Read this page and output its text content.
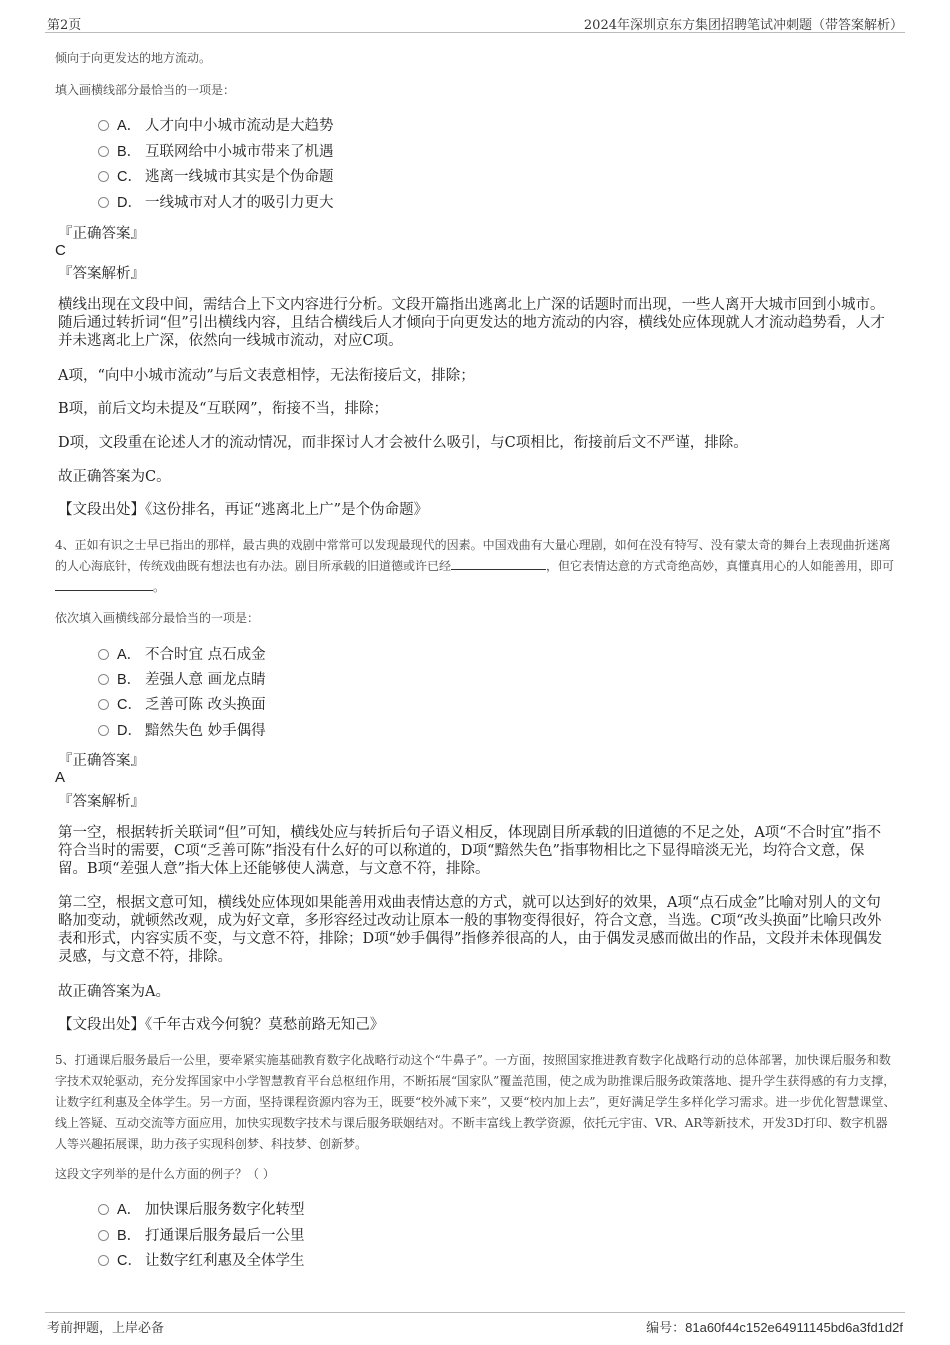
第2页	2024年深圳京东方集团招聘笔试冲刺题（带答案解析）
倾向于向更发达的地方流动。
填入画横线部分最恰当的一项是：
A． 人才向中小城市流动是大趋势
B． 互联网给中小城市带来了机遇
C． 逃离一线城市其实是个伪命题
D． 一线城市对人才的吸引力更大
『正确答案』
C
『答案解析』
横线出现在文段中间，需结合上下文内容进行分析。文段开篇指出逃离北上广深的话题时而出现，一些人离开大城市回到小城市。随后通过转折词“但”引出横线内容，且结合横线后人才倾向于向更发达的地方流动的内容，横线处应体现就人才流动趋势看，人才并未逃离北上广深，依然向一线城市流动，对应C项。
A项，“向中小城市流动”与后文表意相悖，无法衔接后文，排除；
B项，前后文均未提及“互联网”，衔接不当，排除；
D项，文段重在论述人才的流动情况，而非探讨人才会被什么吸引，与C项相比，衔接前后文不严谨，排除。
故正确答案为C。
【文段出处】《这份排名，再证“逃离北上广”是个伪命题》
4、正如有识之士早已指出的那样，最古典的戏剧中常常可以发现最现代的因素。中国戏曲有大量心理剧，如何在没有特写、没有蒙太奇的舞台上表现曲折迷离的人心海底针，传统戏曲既有想法也有办法。剧目所承载的旧道德或许已经	，但它表情达意的方式奇绝高妙，真懂真用心的人如能善用，即可。
依次填入画横线部分最恰当的一项是：
A． 不合时宜 点石成金
B． 差强人意 画龙点睛
C． 乏善可陈 改头换面
D． 黯然失色 妙手偶得
『正确答案』
A
『答案解析』
第一空，根据转折关联词“但”可知，横线处应与转折后句子语义相反，体现剧目所承载的旧道德的不足之处，A项“不合时宜”指不符合当时的需要，C项“乏善可陈”指没有什么好的可以称道的，D项“黯然失色”指事物相比之下显得暗淡无光，均符合文意，保留。B项“差强人意”指大体上还能够使人满意，与文意不符，排除。
第二空，根据文意可知，横线处应体现如果能善用戏曲表情达意的方式，就可以达到好的效果，A项“点石成金”比喻对别人的文句略加变动，就顿然改观，成为好文章，多形容经过改动让原本一般的事物变得很好，符合文意，当选。C项“改头换面”比喻只改外表和形式，内容实质不变，与文意不符，排除；D项“妙手偶得”指修养很高的人，由于偶发灵感而做出的作品，文段并未体现偶发灵感，与文意不符，排除。
故正确答案为A。
【文段出处】《千年古戏今何貌？莫愁前路无知己》
5、打通课后服务最后一公里，要牵紧实施基础教育数字化战略行动这个“牛鼻子”。一方面，按照国家推进教育数字化战略行动的总体部署，加快课后服务和数字技术双轮驱动，充分发挥国家中小学智慧教育平台总枢纽作用，不断拓展“国家队”覆盖范围，使之成为助推课后服务政策落地、提升学生获得感的有力支撑，让数字红利惠及全体学生。另一方面，坚持课程资源内容为王，既要“校外减下来”，又要“校内加上去”，更好满足学生多样化学习需求。进一步优化智慧课堂、线上答疑、互动交流等方面应用，加快实现数字技术与课后服务联姻结对。不断丰富线上教学资源，依托元宇宙、VR、AR等新技术，开发3D打印、数字机器人等兴趣拓展课，助力孩子实现科创梦、科技梦、创新梦。
这段文字列举的是什么方面的例子？（ ）
A． 加快课后服务数字化转型
B． 打通课后服务最后一公里
C． 让数字红利惠及全体学生
考前押题，上岸必备	编号：81a60f44c152e64911145bd6a3fd1d2f
